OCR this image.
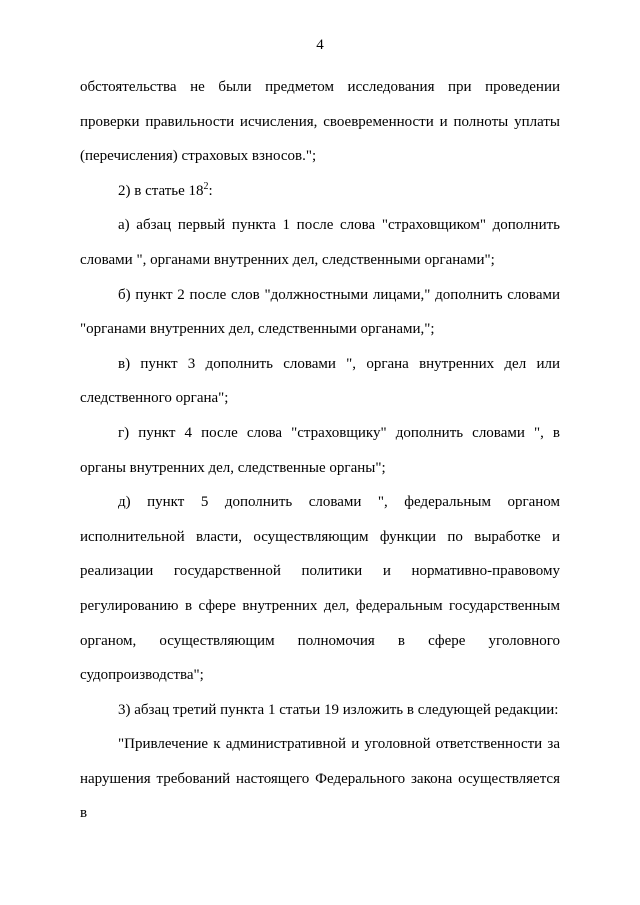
4

обстоятельства не были предметом исследования при проведении проверки правильности исчисления, своевременности и полноты уплаты (перечисления) страховых взносов.";

2) в статье $18^2$:

а) абзац первый пункта 1 после слова "страховщиком" дополнить словами ", органами внутренних дел, следственными органами";

б) пункт 2 после слов "должностными лицами," дополнить словами "органами внутренних дел, следственными органами,";

в) пункт 3 дополнить словами ", органа внутренних дел или следственного органа";

г) пункт 4 после слова "страховщику" дополнить словами ", в органы внутренних дел, следственные органы";

д) пункт 5 дополнить словами ", федеральным органом исполнительной власти, осуществляющим функции по выработке и реализации государственной политики и нормативно-правовому регулированию в сфере внутренних дел, федеральным государственным органом, осуществляющим полномочия в сфере уголовного судопроизводства";

3) абзац третий пункта 1 статьи 19 изложить в следующей редакции:

"Привлечение к административной и уголовной ответственности за нарушения требований настоящего Федерального закона осуществляется в
